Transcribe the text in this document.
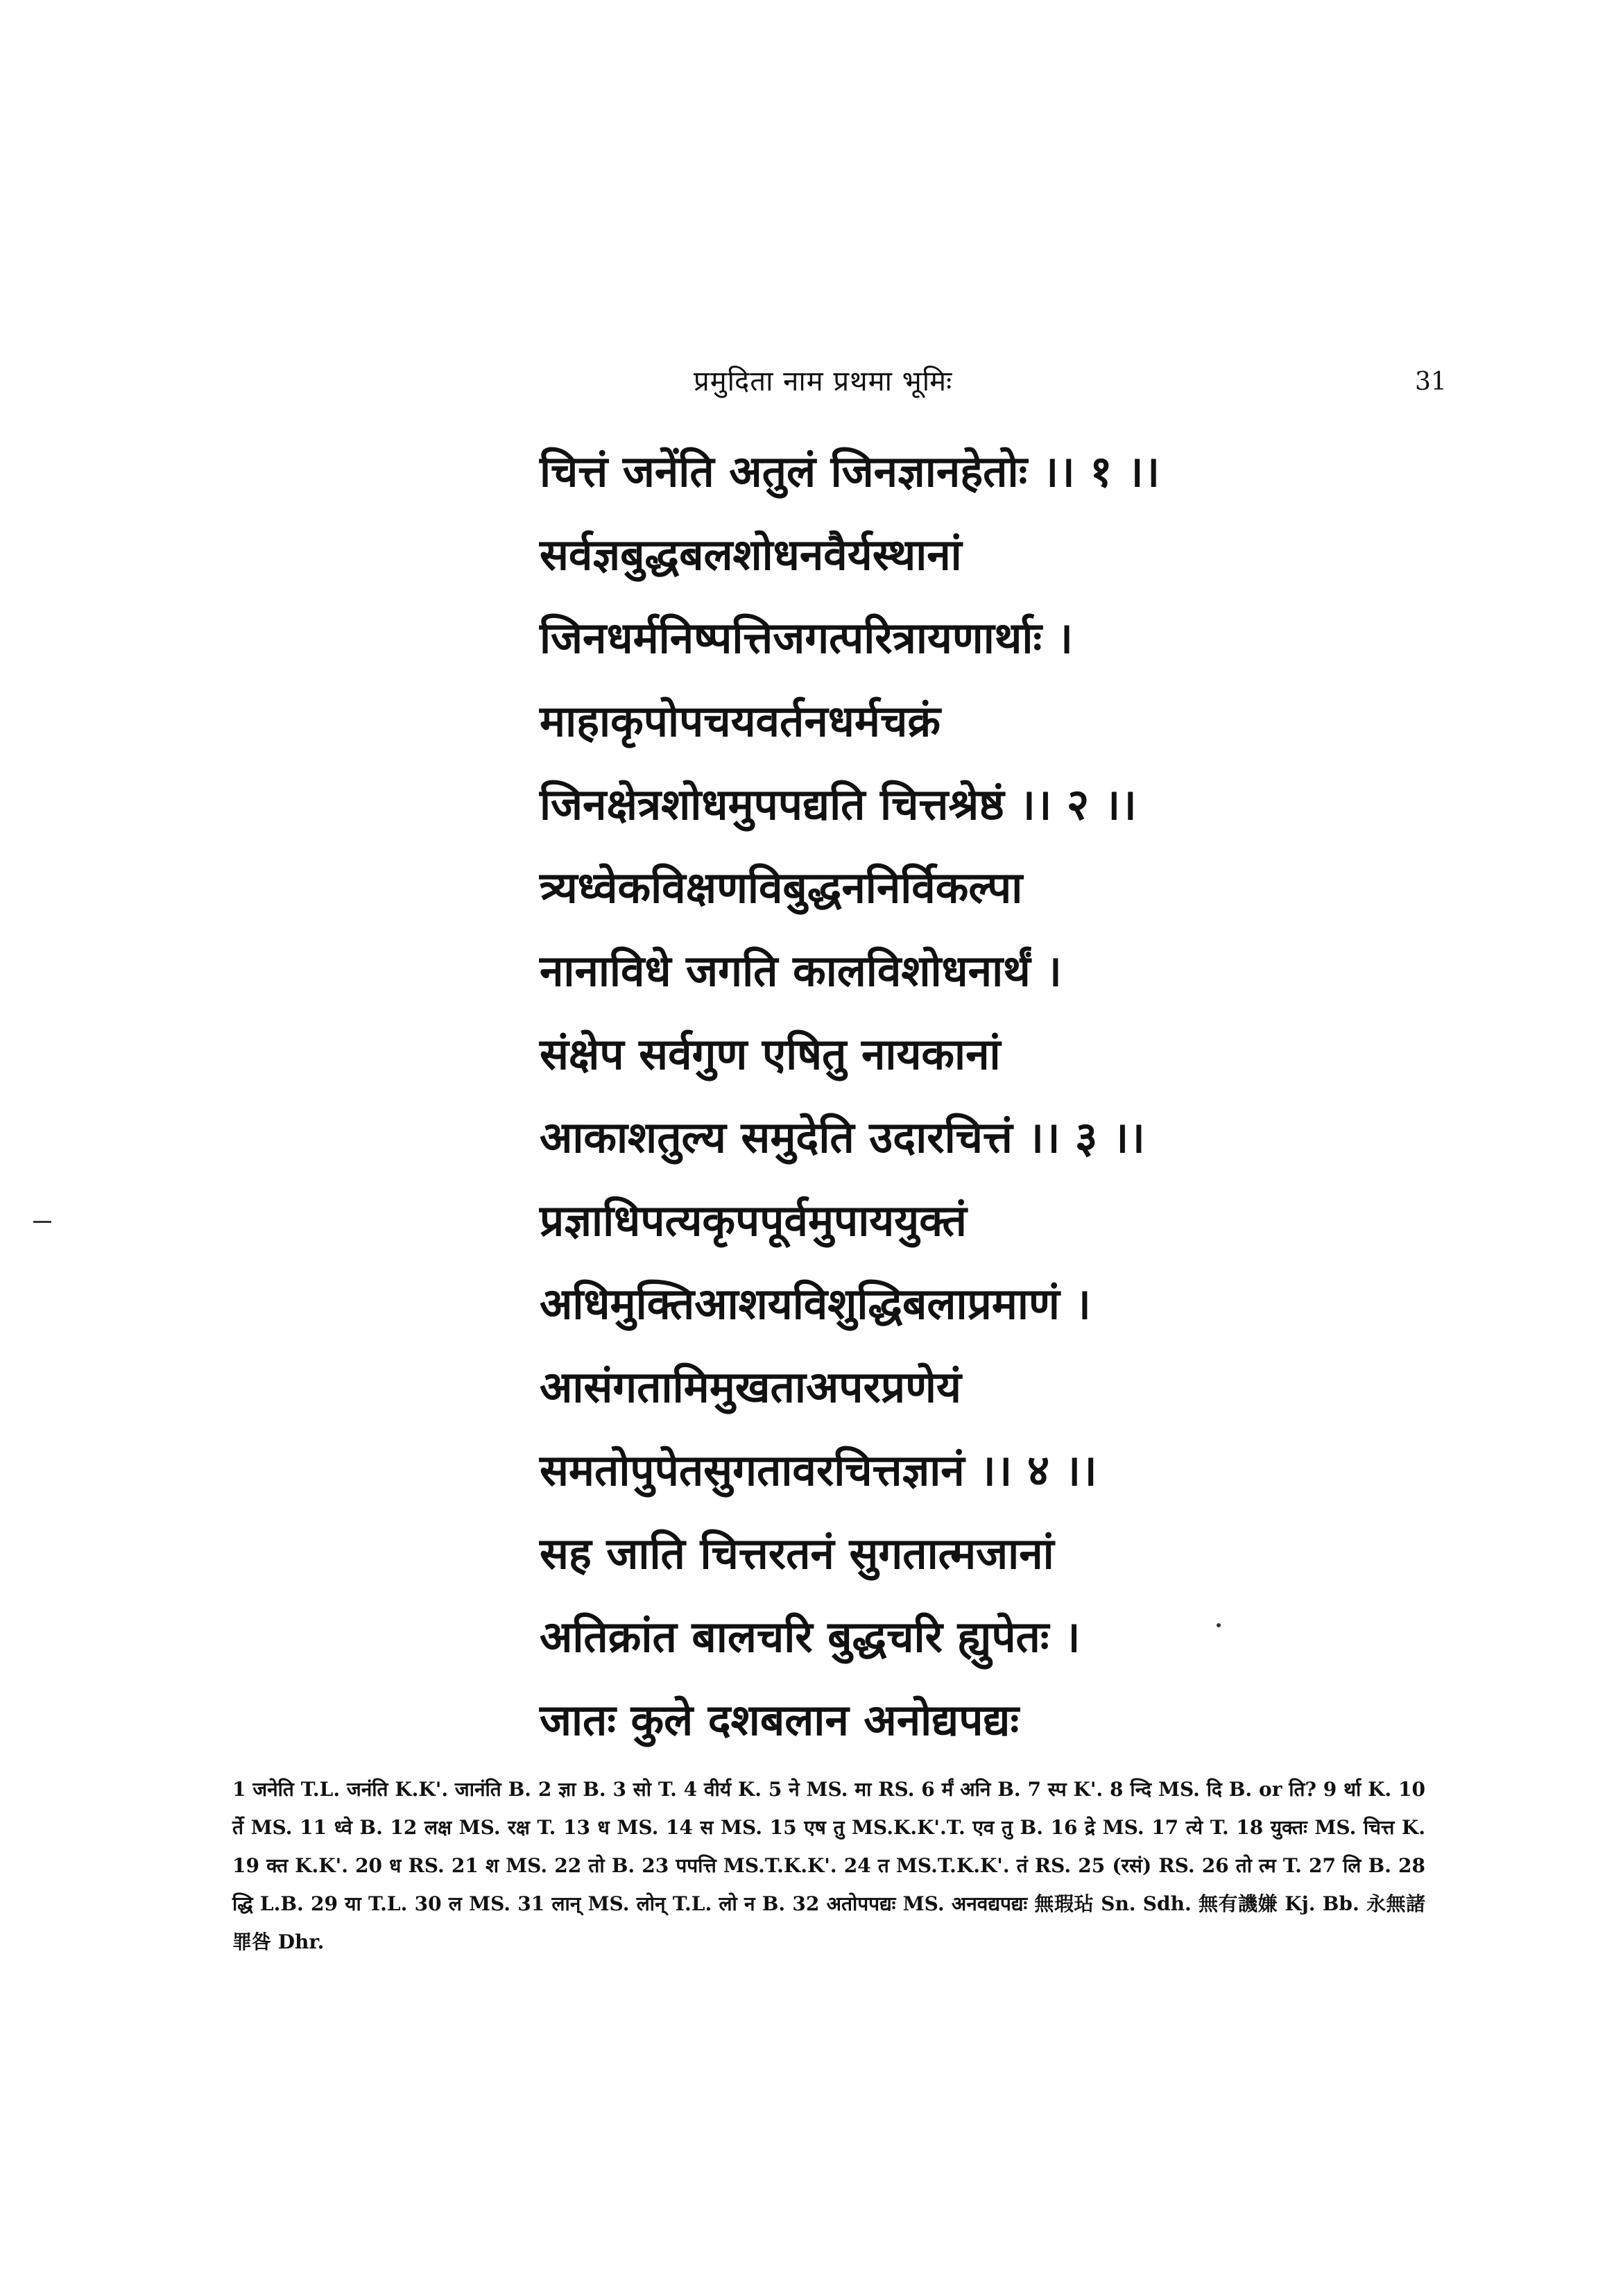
प्रमुदिता नाम प्रथमा भूमिः	31
चित्तं जनेंति अतुलं जिनज्ञानहेतोः ।। १ ।।
सर्वज्ञबुद्धबलशोधनवैर्यस्थानां
जिनधर्मनिष्पत्तिजगत्परित्रायणार्थाः ।
माहाकृपोपचयवर्तनधर्मचक्रं
जिनक्षेत्रशोधमुपपद्यति चित्तश्रेष्ठं ।। २ ।।
त्र्यध्वेकविक्षणविबुद्धननिर्विकल्पा
नानाविधे जगति कालविशोधनार्थं ।
संक्षेप सर्वगुण एषितु नायकानां
आकाशतुल्य समुदेति उदारचित्तं ।। ३ ।।
प्रज्ञाधिपत्यकृपपूर्वमुपाययुक्तं
अधिमुक्तिआशयविशुद्धिबलाप्रमाणं ।
आसंगतामिमुखताअपरप्रणेयं
समतोपुपेतसुगतावरचित्तज्ञानं ।। ४ ।।
सह जाति चित्तरतनं सुगतात्मजानां
अतिक्रांत बालचरि बुद्धचरि ह्युपेतः ।
जातः कुले दशबलान अनोद्यपद्यः
1 जनेति T.L. जनंति K.K'. जानंति B. 2 ज्ञा B. 3 सो T. 4 वीर्य K. 5 ने MS. मा RS. 6 र्मं अनि B. 7 स्प K'. 8 न्दि MS. दि B. or ति? 9 र्था K. 10 र्ते MS. 11 ध्वे B. 12 लक्ष MS. रक्ष T. 13 ध MS. 14 स MS. 15 एष तु MS.K.K'.T. एव तु B. 16 द्रे MS. 17 त्ये T. 18 युक्तः MS. चित्त K. 19 क्त K.K'. 20 ध RS. 21 श MS. 22 तो B. 23 पपत्ति MS.T.K.K'. 24 त MS.T.K.K'. तं RS. 25 (रसं) RS. 26 तो त्म T. 27 लि B. 28 द्धि L.B. 29 या T.L. 30 ल MS. 31 लान् MS. लोन् T.L. लो न B. 32 अतोपपद्यः MS. अनवद्यपद्यः 無瑕玷 Sn. Sdh. 無有譏嫌 Kj. Bb. 永無諸罪咎 Dhr.
